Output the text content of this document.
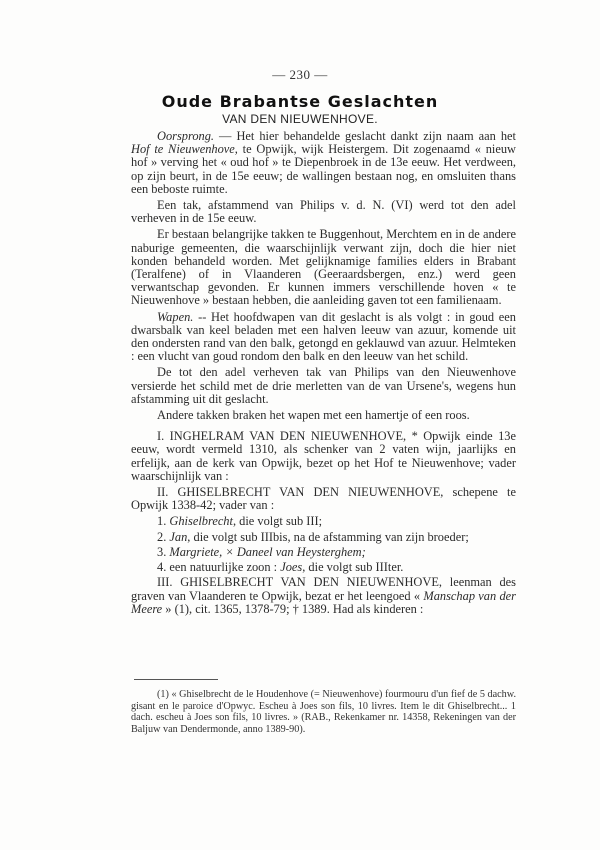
— 230 —
Oude Brabantse Geslachten
VAN DEN NIEUWENHOVE.

Oorsprong. — Het hier behandelde geslacht dankt zijn naam aan het Hof te Nieuwenhove, te Opwijk, wijk Heistergem. Dit zogenaamd « nieuw hof » verving het « oud hof » te Diepenbroek in de 13e eeuw. Het verdween, op zijn beurt, in de 15e eeuw; de wallingen bestaan nog, en omsluiten thans een beboste ruimte.

Een tak, afstammend van Philips v. d. N. (VI) werd tot den adel verheven in de 15e eeuw.

Er bestaan belangrijke takken te Buggenhout, Merchtem en in de andere naburige gemeenten, die waarschijnlijk verwant zijn, doch die hier niet konden behandeld worden. Met gelijknamige families elders in Brabant (Teralfene) of in Vlaanderen (Geeraardsbergen, enz.) werd geen verwantschap gevonden. Er kunnen immers verschillende hoven « te Nieuwenhove » bestaan hebben, die aanleiding gaven tot een familienaam.

Wapen. -- Het hoofdwapen van dit geslacht is als volgt : in goud een dwarsbalk van keel beladen met een halven leeuw van azuur, komende uit den ondersten rand van den balk, getongd en geklauwd van azuur. Helmteken : een vlucht van goud rondom den balk en den leeuw van het schild.

De tot den adel verheven tak van Philips van den Nieuwenhove versierde het schild met de drie merletten van de van Ursene's, wegens hun afstamming uit dit geslacht.

Andere takken braken het wapen met een hamertje of een roos.

I. INGHELRAM VAN DEN NIEUWENHOVE, * Opwijk einde 13e eeuw, wordt vermeld 1310, als schenker van 2 vaten wijn, jaarlijks en erfelijk, aan de kerk van Opwijk, bezet op het Hof te Nieuwenhove; vader waarschijnlijk van :

II. GHISELBRECHT VAN DEN NIEUWENHOVE, schepene te Opwijk 1338-42; vader van :

1. Ghiselbrecht, die volgt sub III;

2. Jan, die volgt sub IIIbis, na de afstamming van zijn broeder;

3. Margriete, × Daneel van Heysterghem;

4. een natuurlijke zoon : Joes, die volgt sub IIIter.

III. GHISELBRECHT VAN DEN NIEUWENHOVE, leenman des graven van Vlaanderen te Opwijk, bezat er het leengoed « Manschap van der Meere » (1), cit. 1365, 1378-79; † 1389. Had als kinderen :

(1) « Ghiselbrecht de le Houdenhove (= Nieuwenhove) fourmouru d'un fief de 5 dachw. gisant en le paroice d'Opwyc. Escheu à Joes son fils, 10 livres. Item le dit Ghiselbrecht... 1 dach. escheu à Joes son fils, 10 livres. » (RAB., Rekenkamer nr. 14358, Rekeningen van der Baljuw van Dendermonde, anno 1389-90).
